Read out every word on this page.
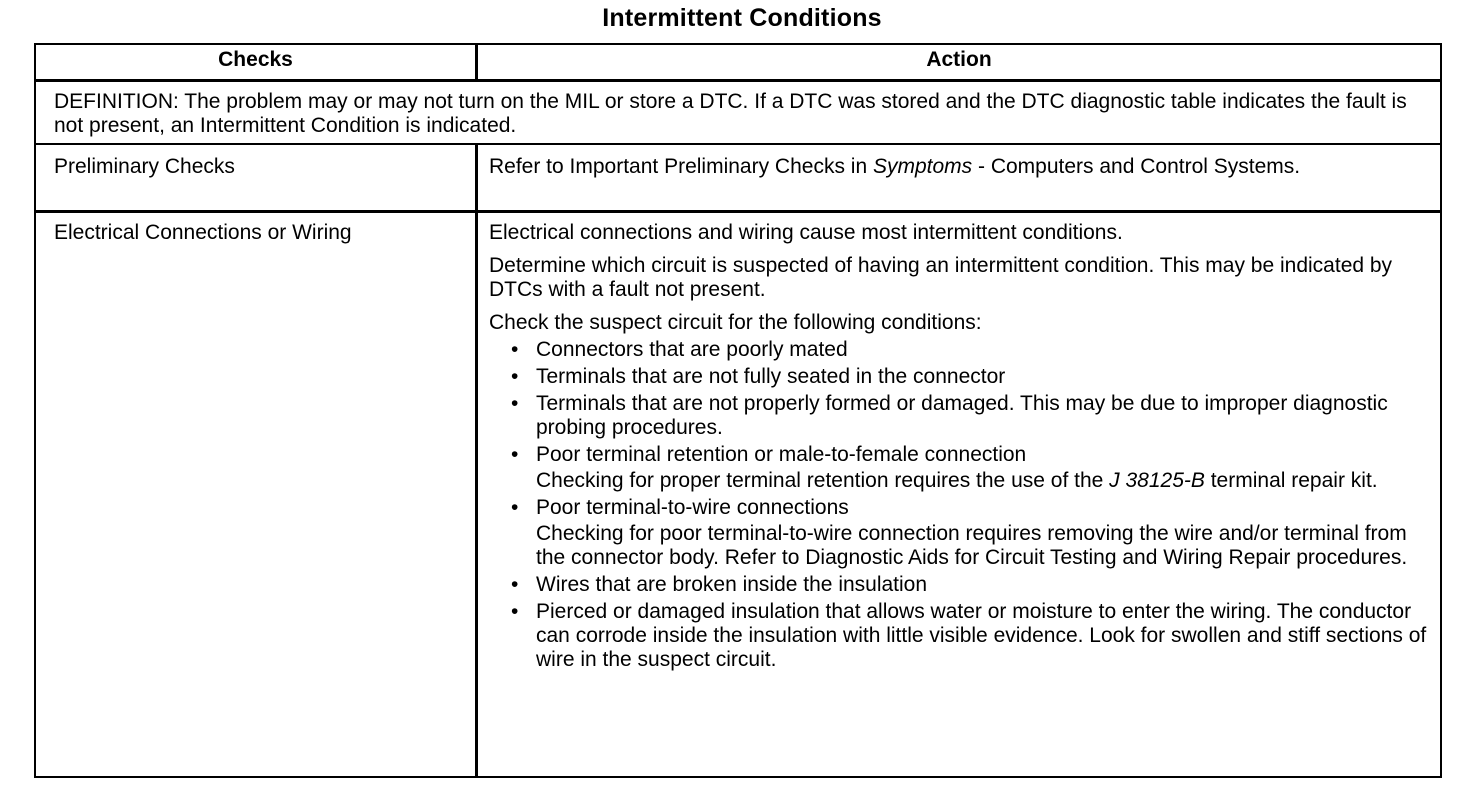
Intermittent Conditions
Checks	Action
DEFINITION: The problem may or may not turn on the MIL or store a DTC. If a DTC was stored and the DTC diagnostic table indicates the fault is not present, an Intermittent Condition is indicated.
Preliminary Checks	Refer to Important Preliminary Checks in Symptoms - Computers and Control Systems.
Electrical Connections or Wiring	Electrical connections and wiring cause most intermittent conditions.

Determine which circuit is suspected of having an intermittent condition. This may be indicated by DTCs with a fault not present.

Check the suspect circuit for the following conditions:

• Connectors that are poorly mated
• Terminals that are not fully seated in the connector
• Terminals that are not properly formed or damaged. This may be due to improper diagnostic probing procedures.
• Poor terminal retention or male-to-female connection
Checking for proper terminal retention requires the use of the J 38125-B terminal repair kit.
• Poor terminal-to-wire connections
Checking for poor terminal-to-wire connection requires removing the wire and/or terminal from the connector body. Refer to Diagnostic Aids for Circuit Testing and Wiring Repair procedures.
• Wires that are broken inside the insulation
• Pierced or damaged insulation that allows water or moisture to enter the wiring. The conductor can corrode inside the insulation with little visible evidence. Look for swollen and stiff sections of wire in the suspect circuit.
